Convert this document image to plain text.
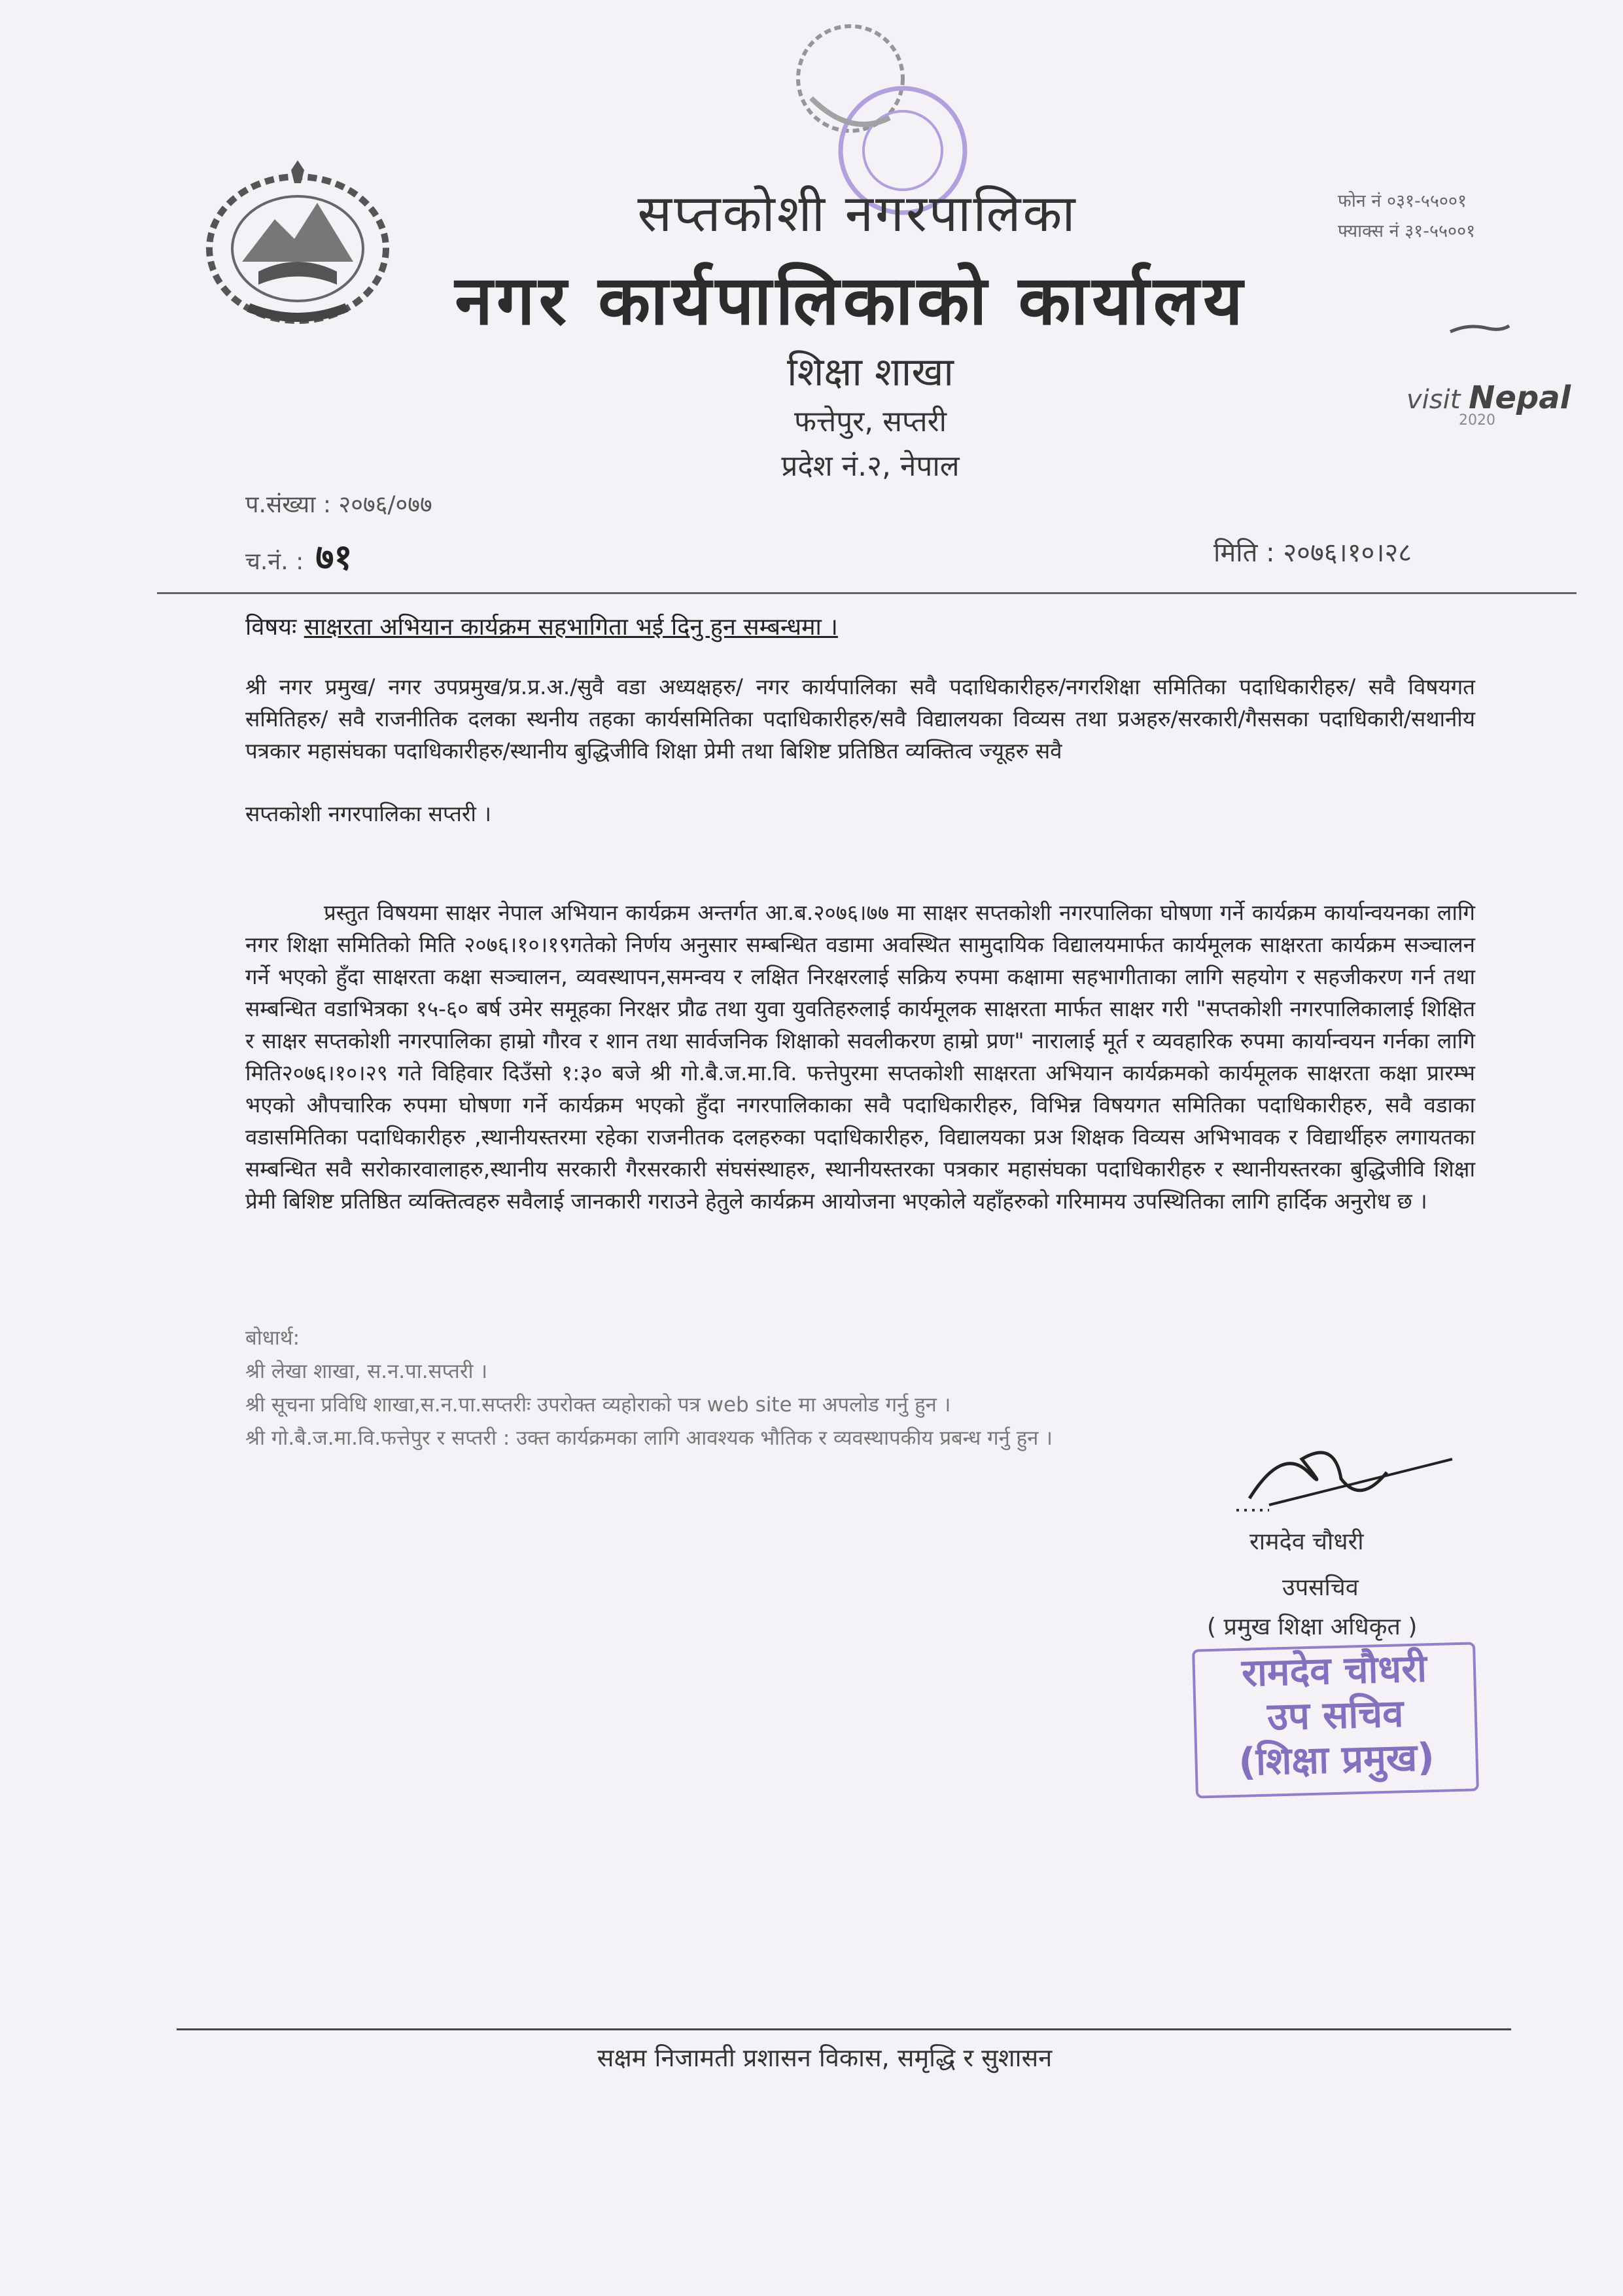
सप्तकोशी नगरपालिका
नगर कार्यपालिकाको कार्यालय
शिक्षा शाखा
फत्तेपुर, सप्तरी
प्रदेश नं.२, नेपाल
फोन नं ०३१-५५००१
फ्याक्स नं ३१-५५००१
visit Nepal
2020
प.संख्या : २०७६/०७७
च.नं. : ७१	मिति : २०७६।१०।२८
विषयः साक्षरता अभियान कार्यक्रम सहभागिता भई दिनु हुन सम्बन्धमा ।
श्री नगर प्रमुख/ नगर उपप्रमुख/प्र.प्र.अ./सुवै वडा अध्यक्षहरु/ नगर कार्यपालिका सवै पदाधिकारीहरु/नगरशिक्षा समितिका पदाधिकारीहरु/ सवै विषयगत समितिहरु/ सवै राजनीतिक दलका स्थनीय तहका कार्यसमितिका पदाधिकारीहरु/सवै विद्यालयका विव्यस तथा प्रअहरु/सरकारी/गैससका पदाधिकारी/सथानीय पत्रकार महासंघका पदाधिकारीहरु/स्थानीय बुद्धिजीवि शिक्षा प्रेमी तथा बिशिष्ट प्रतिष्ठित व्यक्तित्व ज्यूहरु सवै
सप्तकोशी नगरपालिका सप्तरी ।
प्रस्तुत विषयमा साक्षर नेपाल अभियान कार्यक्रम अन्तर्गत आ.ब.२०७६।७७ मा साक्षर सप्तकोशी नगरपालिका घोषणा गर्ने कार्यक्रम कार्यान्वयनका लागि नगर शिक्षा समितिको मिति २०७६।१०।१९गतेको निर्णय अनुसार सम्बन्धित वडामा अवस्थित सामुदायिक विद्यालयमार्फत कार्यमूलक साक्षरता कार्यक्रम सञ्चालन गर्ने भएको हुँदा साक्षरता कक्षा सञ्चालन, व्यवस्थापन,समन्वय र लक्षित निरक्षरलाई सक्रिय रुपमा कक्षामा सहभागीताका लागि सहयोग र सहजीकरण गर्न तथा सम्बन्धित वडाभित्रका १५-६० बर्ष उमेर समूहका निरक्षर प्रौढ तथा युवा युवतिहरुलाई कार्यमूलक साक्षरता मार्फत साक्षर गरी "सप्तकोशी नगरपालिकालाई शिक्षित र साक्षर सप्तकोशी नगरपालिका हाम्रो गौरव र शान तथा सार्वजनिक शिक्षाको सवलीकरण हाम्रो प्रण" नारालाई मूर्त र व्यवहारिक रुपमा कार्यान्वयन गर्नका लागि मिति२०७६।१०।२९ गते विहिवार दिउँसो १:३० बजे श्री गो.बै.ज.मा.वि. फत्तेपुरमा सप्तकोशी साक्षरता अभियान कार्यक्रमको कार्यमूलक साक्षरता कक्षा प्रारम्भ भएको औपचारिक रुपमा घोषणा गर्ने कार्यक्रम भएको हुँदा नगरपालिकाका सवै पदाधिकारीहरु, विभिन्न विषयगत समितिका पदाधिकारीहरु, सवै वडाका वडासमितिका पदाधिकारीहरु ,स्थानीयस्तरमा रहेका राजनीतक दलहरुका पदाधिकारीहरु, विद्यालयका प्रअ शिक्षक विव्यस अभिभावक र विद्यार्थीहरु लगायतका सम्बन्धित सवै सरोकारवालाहरु,स्थानीय सरकारी गैरसरकारी संघसंस्थाहरु, स्थानीयस्तरका पत्रकार महासंघका पदाधिकारीहरु र स्थानीयस्तरका बुद्धिजीवि शिक्षा प्रेमी बिशिष्ट प्रतिष्ठित व्यक्तित्वहरु सवैलाई जानकारी गराउने हेतुले कार्यक्रम आयोजना भएकोले यहाँहरुको गरिमामय उपस्थितिका लागि हार्दिक अनुरोध छ ।
बोधार्थ:
श्री लेखा शाखा, स.न.पा.सप्तरी ।
श्री सूचना प्रविधि शाखा,स.न.पा.सप्तरीः उपरोक्त व्यहोराको पत्र web site मा अपलोड गर्नु हुन ।
श्री गो.बै.ज.मा.वि.फत्तेपुर र सप्तरी : उक्त कार्यक्रमका लागि आवश्यक भौतिक र व्यवस्थापकीय प्रबन्ध गर्नु हुन ।
रामदेव चौधरी
उपसचिव
( प्रमुख शिक्षा अधिकृत )
रामदेव चौधरी
उप सचिव
(शिक्षा प्रमुख)
सक्षम निजामती प्रशासन विकास, समृद्धि र सुशासन
